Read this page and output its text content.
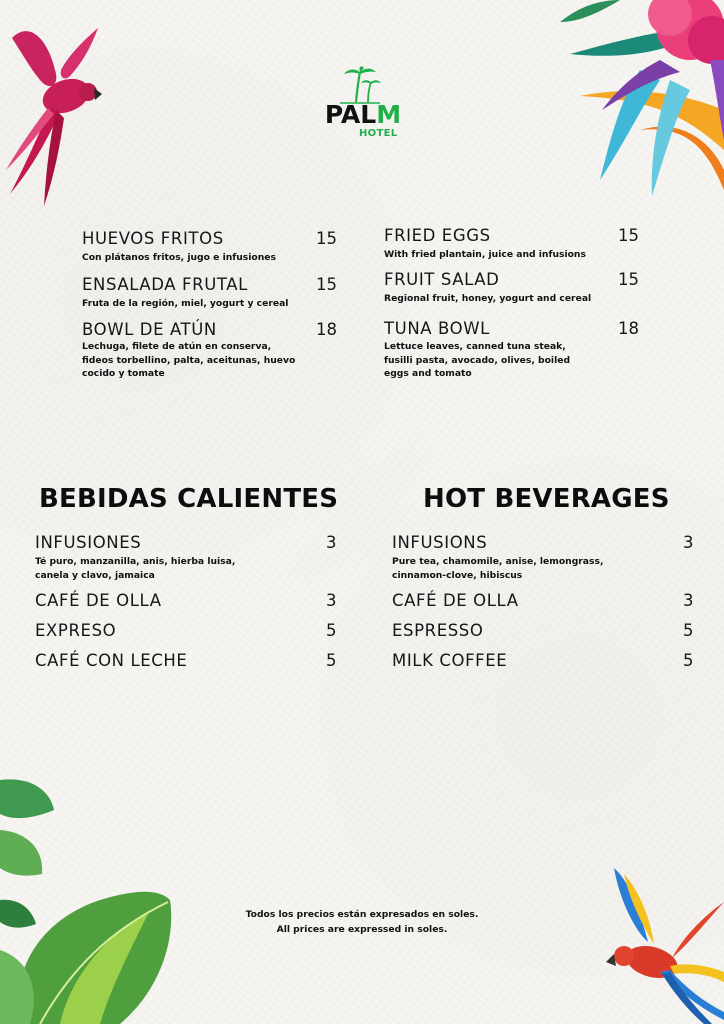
PALM
HOTEL
HUEVOS FRITOS	15
Con plátanos fritos, jugo e infusiones
ENSALADA FRUTAL	15
Fruta de la región, miel, yogurt y cereal
BOWL DE ATÚN	18
Lechuga, filete de atún en conserva,
fideos torbellino, palta, aceitunas, huevo
cocido y tomate
FRIED EGGS	15
With fried plantain, juice and infusions
FRUIT SALAD	15
Regional fruit, honey, yogurt and cereal
TUNA BOWL	18
Lettuce leaves, canned tuna steak,
fusilli pasta, avocado, olives, boiled
eggs and tomato
BEBIDAS CALIENTES	HOT BEVERAGES
INFUSIONES	3
Té puro, manzanilla, anis, hierba luisa,
canela y clavo, jamaica
CAFÉ DE OLLA	3
EXPRESO	5
CAFÉ CON LECHE	5
INFUSIONS	3
Pure tea, chamomile, anise, lemongrass,
cinnamon-clove, hibiscus
CAFÉ DE OLLA	3
ESPRESSO	5
MILK COFFEE	5
Todos los precios están expresados en soles.
All prices are expressed in soles.
